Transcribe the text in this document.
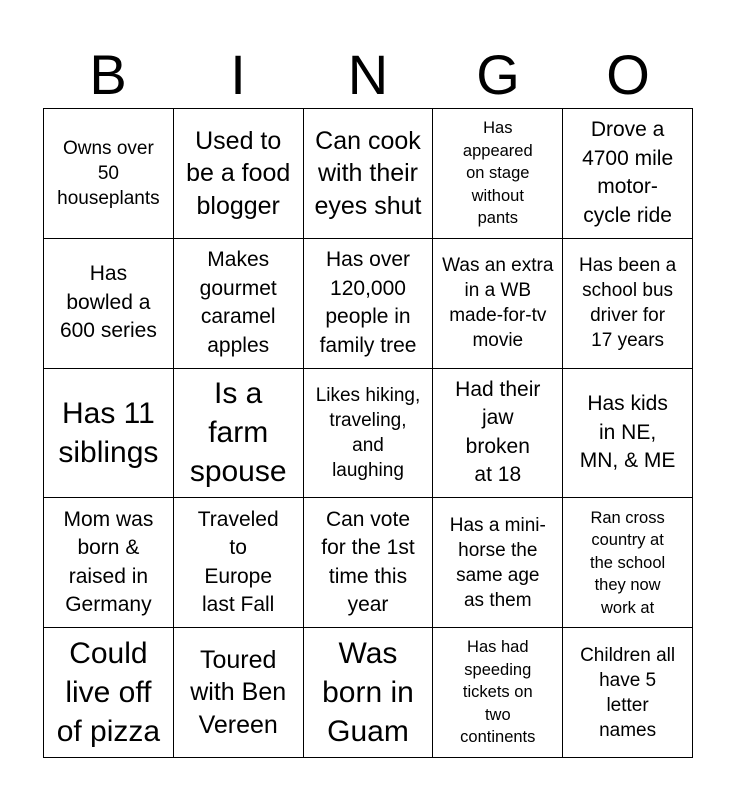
B	I	N	G	O
Owns over
50
houseplants
Used to
be a food
blogger
Can cook
with their
eyes shut
Has
appeared
on stage
without
pants
Drove a
4700 mile
motor-
cycle ride
Has
bowled a
600 series
Makes
gourmet
caramel
apples
Has over
120,000
people in
family tree
Was an extra
in a WB
made-for-tv
movie
Has been a
school bus
driver for
17 years
Has 11
siblings
Is a
farm
spouse
Likes hiking,
traveling,
and
laughing
Had their
jaw
broken
at 18
Has kids
in NE,
MN, & ME
Mom was
born &
raised in
Germany
Traveled
to
Europe
last Fall
Can vote
for the 1st
time this
year
Has a mini-
horse the
same age
as them
Ran cross
country at
the school
they now
work at
Could
live off
of pizza
Toured
with Ben
Vereen
Was
born in
Guam
Has had
speeding
tickets on
two
continents
Children all
have 5
letter
names
